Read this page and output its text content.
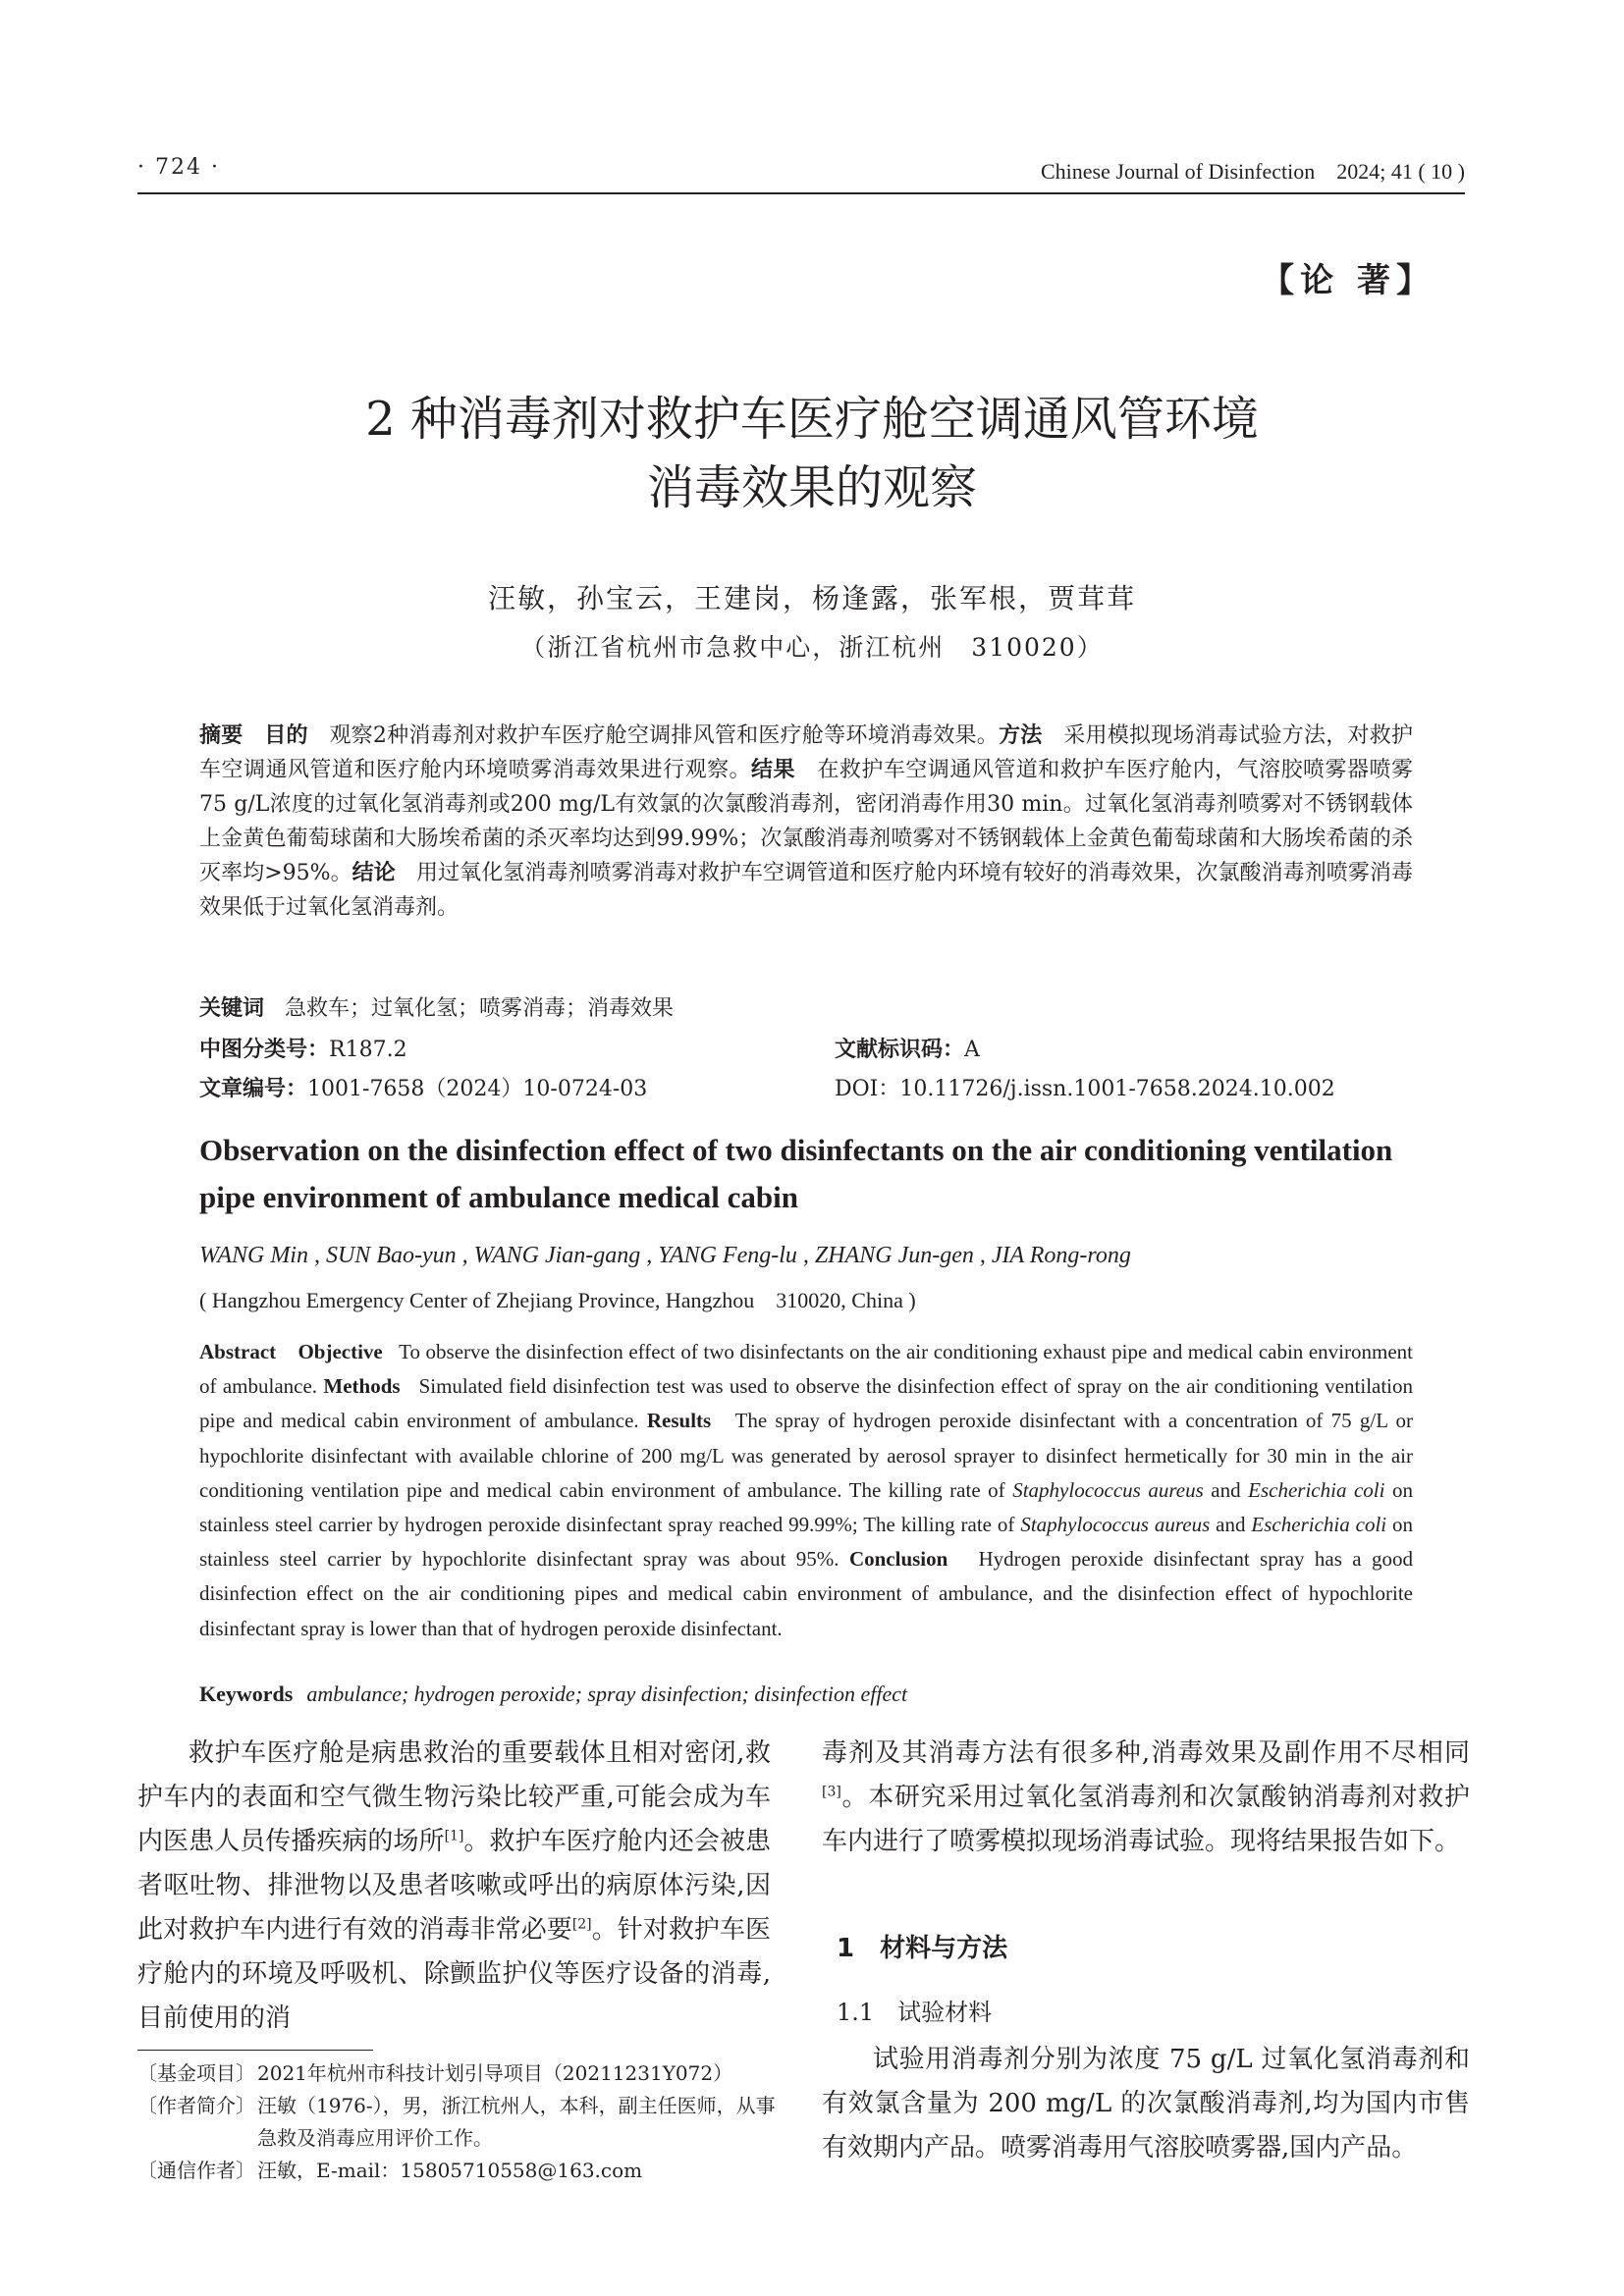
· 724 ·	Chinese Journal of Disinfection　2024; 41 ( 10 )
【论 著】
2 种消毒剂对救护车医疗舱空调通风管环境
消毒效果的观察
汪敏，孙宝云，王建岗，杨逢露，张军根，贾茸茸
（浙江省杭州市急救中心，浙江杭州　310020）
摘要 目的 观察2种消毒剂对救护车医疗舱空调排风管和医疗舱等环境消毒效果。方法 采用模拟现场消毒试验方法，对救护车空调通风管道和医疗舱内环境喷雾消毒效果进行观察。结果 在救护车空调通风管道和救护车医疗舱内，气溶胶喷雾器喷雾75 g/L浓度的过氧化氢消毒剂或200 mg/L有效氯的次氯酸消毒剂，密闭消毒作用30 min。过氧化氢消毒剂喷雾对不锈钢载体上金黄色葡萄球菌和大肠埃希菌的杀灭率均达到99.99%；次氯酸消毒剂喷雾对不锈钢载体上金黄色葡萄球菌和大肠埃希菌的杀灭率均>95%。结论 用过氧化氢消毒剂喷雾消毒对救护车空调管道和医疗舱内环境有较好的消毒效果，次氯酸消毒剂喷雾消毒效果低于过氧化氢消毒剂。
关键词 急救车；过氧化氢；喷雾消毒；消毒效果
中图分类号：R187.2	文献标识码：A
文章编号：1001-7658（2024）10-0724-03	DOI：10.11726/j.issn.1001-7658.2024.10.002
Observation on the disinfection effect of two disinfectants on the air conditioning ventilation pipe environment of ambulance medical cabin
WANG Min , SUN Bao-yun , WANG Jian-gang , YANG Feng-lu , ZHANG Jun-gen , JIA Rong-rong
( Hangzhou Emergency Center of Zhejiang Province, Hangzhou　310020, China )
Abstract Objective To observe the disinfection effect of two disinfectants on the air conditioning exhaust pipe and medical cabin environment of ambulance. Methods Simulated field disinfection test was used to observe the disinfection effect of spray on the air conditioning ventilation pipe and medical cabin environment of ambulance. Results The spray of hydrogen peroxide disinfectant with a concentration of 75 g/L or hypochlorite disinfectant with available chlorine of 200 mg/L was generated by aerosol sprayer to disinfect hermetically for 30 min in the air conditioning ventilation pipe and medical cabin environment of ambulance. The killing rate of Staphylococcus aureus and Escherichia coli on stainless steel carrier by hydrogen peroxide disinfectant spray reached 99.99%; The killing rate of Staphylococcus aureus and Escherichia coli on stainless steel carrier by hypochlorite disinfectant spray was about 95%. Conclusion Hydrogen peroxide disinfectant spray has a good disinfection effect on the air conditioning pipes and medical cabin environment of ambulance, and the disinfection effect of hypochlorite disinfectant spray is lower than that of hydrogen peroxide disinfectant.
Keywords ambulance; hydrogen peroxide; spray disinfection; disinfection effect
救护车医疗舱是病患救治的重要载体且相对密闭,救护车内的表面和空气微生物污染比较严重,可能会成为车内医患人员传播疾病的场所[1]。救护车医疗舱内还会被患者呕吐物、排泄物以及患者咳嗽或呼出的病原体污染,因此对救护车内进行有效的消毒非常必要[2]。针对救护车医疗舱内的环境及呼吸机、除颤监护仪等医疗设备的消毒,目前使用的消
毒剂及其消毒方法有很多种,消毒效果及副作用不尽相同[3]。本研究采用过氧化氢消毒剂和次氯酸钠消毒剂对救护车内进行了喷雾模拟现场消毒试验。现将结果报告如下。
1　材料与方法
1.1　试验材料
试验用消毒剂分别为浓度 75 g/L 过氧化氢消毒剂和有效氯含量为 200 mg/L 的次氯酸消毒剂,均为国内市售有效期内产品。喷雾消毒用气溶胶喷雾器,国内产品。
〔基金项目〕 2021年杭州市科技计划引导项目（20211231Y072）
〔作者简介〕 汪敏（1976-），男，浙江杭州人，本科，副主任医师，从事急救及消毒应用评价工作。
〔通信作者〕 汪敏，E-mail：15805710558@163.com
